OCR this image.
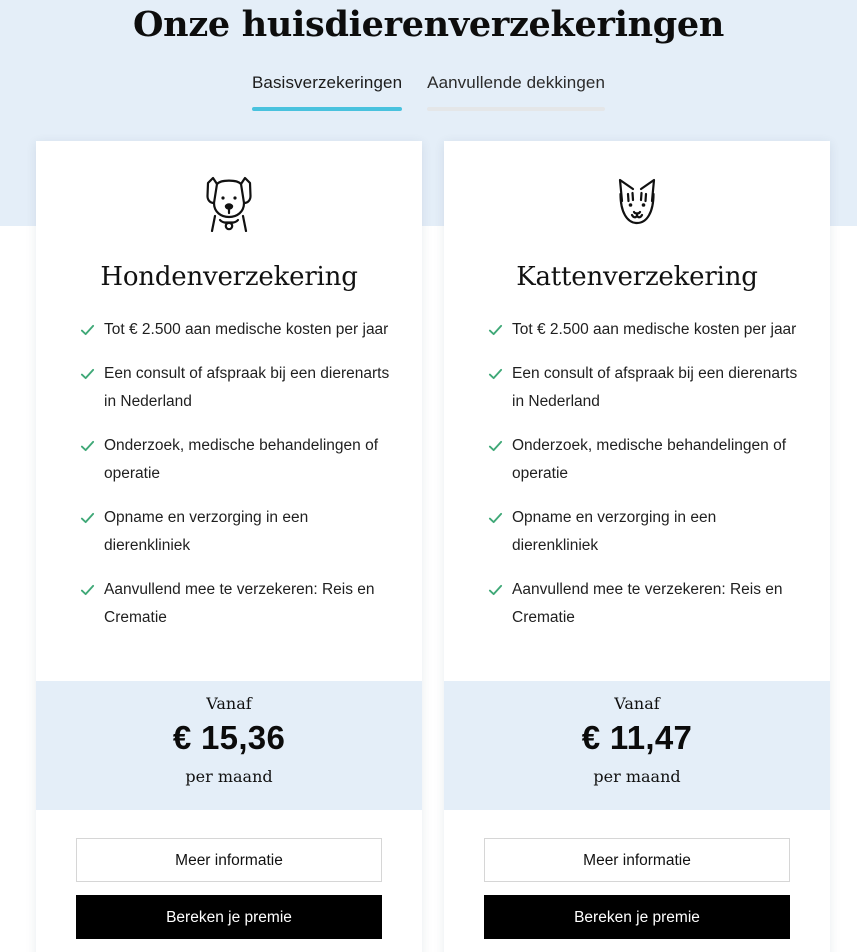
Onze huisdierenverzekeringen
Basisverzekeringen Aanvullende dekkingen
Hondenverzekering
Tot € 2.500 aan medische kosten per jaar
Een consult of afspraak bij een dierenarts in Nederland
Onderzoek, medische behandelingen of operatie
Opname en verzorging in een dierenkliniek
Aanvullend mee te verzekeren: Reis en Crematie
Vanaf
€ 15,36
per maand
Meer informatie
Bereken je premie
Kattenverzekering
Tot € 2.500 aan medische kosten per jaar
Een consult of afspraak bij een dierenarts in Nederland
Onderzoek, medische behandelingen of operatie
Opname en verzorging in een dierenkliniek
Aanvullend mee te verzekeren: Reis en Crematie
Vanaf
€ 11,47
per maand
Meer informatie
Bereken je premie
